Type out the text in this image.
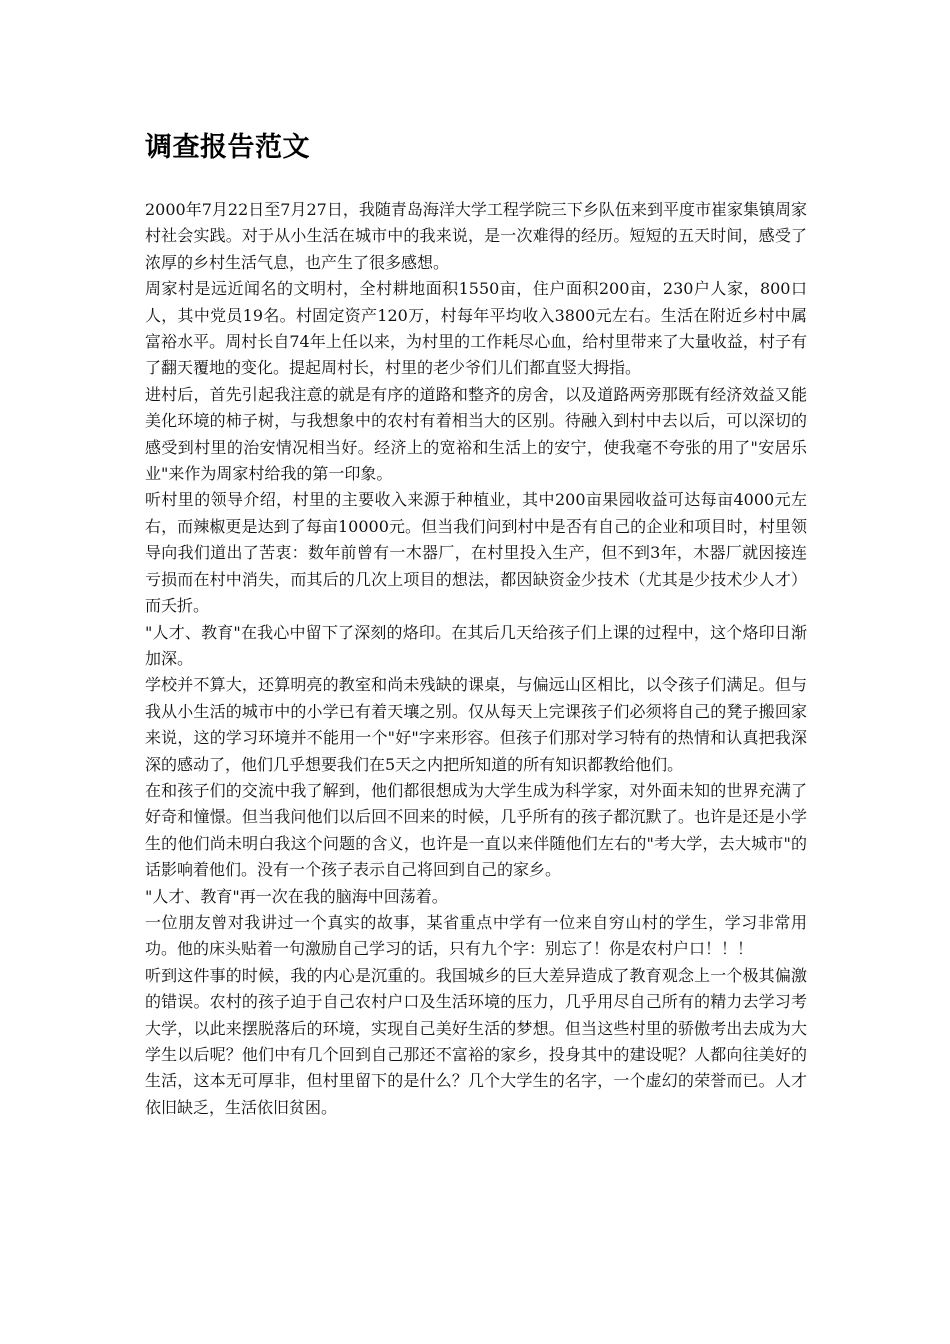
调查报告范文

2000年7月22日至7月27日，我随青岛海洋大学工程学院三下乡队伍来到平度市崔家集镇周家村社会实践。对于从小生活在城市中的我来说，是一次难得的经历。短短的五天时间，感受了浓厚的乡村生活气息，也产生了很多感想。

周家村是远近闻名的文明村，全村耕地面积1550亩，住户面积200亩，230户人家，800口人，其中党员19名。村固定资产120万，村每年平均收入3800元左右。生活在附近乡村中属富裕水平。周村长自74年上任以来，为村里的工作耗尽心血，给村里带来了大量收益，村子有了翻天覆地的变化。提起周村长，村里的老少爷们儿们都直竖大拇指。

进村后，首先引起我注意的就是有序的道路和整齐的房舍，以及道路两旁那既有经济效益又能美化环境的柿子树，与我想象中的农村有着相当大的区别。待融入到村中去以后，可以深切的感受到村里的治安情况相当好。经济上的宽裕和生活上的安宁，使我毫不夸张的用了"安居乐业"来作为周家村给我的第一印象。

听村里的领导介绍，村里的主要收入来源于种植业，其中200亩果园收益可达每亩4000元左右，而辣椒更是达到了每亩10000元。但当我们问到村中是否有自己的企业和项目时，村里领导向我们道出了苦衷：数年前曾有一木器厂，在村里投入生产，但不到3年，木器厂就因接连亏损而在村中消失，而其后的几次上项目的想法，都因缺资金少技术（尤其是少技术少人才）而夭折。

"人才、教育"在我心中留下了深刻的烙印。在其后几天给孩子们上课的过程中，这个烙印日渐加深。

学校并不算大，还算明亮的教室和尚未残缺的课桌，与偏远山区相比，以令孩子们满足。但与我从小生活的城市中的小学已有着天壤之别。仅从每天上完课孩子们必须将自己的凳子搬回家来说，这的学习环境并不能用一个"好"字来形容。但孩子们那对学习特有的热情和认真把我深深的感动了，他们几乎想要我们在5天之内把所知道的所有知识都教给他们。

在和孩子们的交流中我了解到，他们都很想成为大学生成为科学家，对外面未知的世界充满了好奇和憧憬。但当我问他们以后回不回来的时候，几乎所有的孩子都沉默了。也许是还是小学生的他们尚未明白我这个问题的含义，也许是一直以来伴随他们左右的"考大学，去大城市"的话影响着他们。没有一个孩子表示自己将回到自己的家乡。

"人才、教育"再一次在我的脑海中回荡着。

一位朋友曾对我讲过一个真实的故事，某省重点中学有一位来自穷山村的学生，学习非常用功。他的床头贴着一句激励自己学习的话，只有九个字：别忘了！你是农村户口！！！

听到这件事的时候，我的内心是沉重的。我国城乡的巨大差异造成了教育观念上一个极其偏激的错误。农村的孩子迫于自己农村户口及生活环境的压力，几乎用尽自己所有的精力去学习考大学，以此来摆脱落后的环境，实现自己美好生活的梦想。但当这些村里的骄傲考出去成为大学生以后呢？他们中有几个回到自己那还不富裕的家乡，投身其中的建设呢？人都向往美好的生活，这本无可厚非，但村里留下的是什么？几个大学生的名字，一个虚幻的荣誉而已。人才依旧缺乏，生活依旧贫困。
